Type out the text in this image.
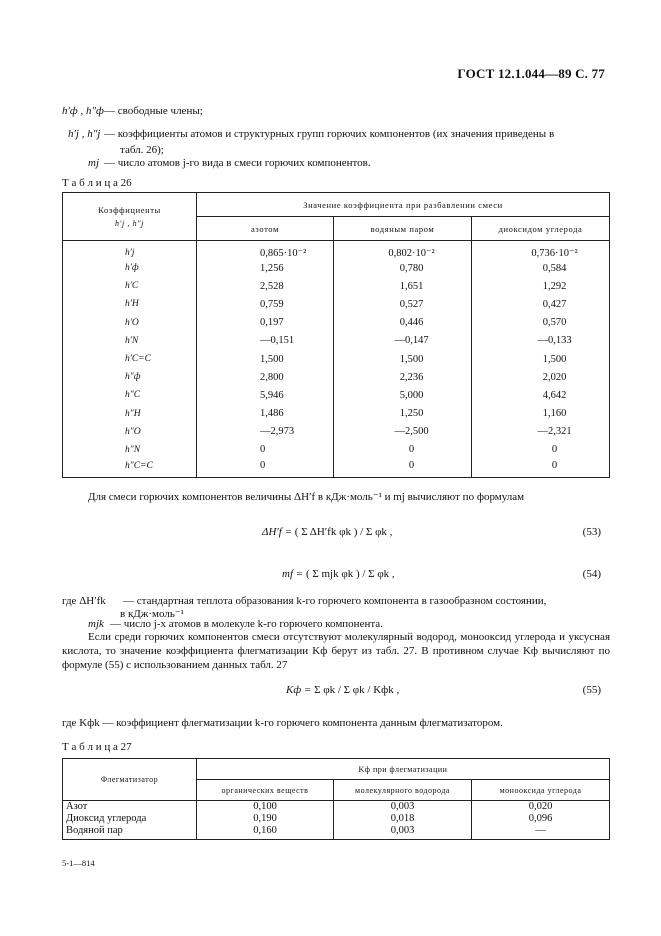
ГОСТ 12.1.044—89 С. 77
h′ф , h″ф — свободные члены;
h′j , h″j — коэффициенты атомов и структурных групп горючих компонентов (их значения приведены в
табл. 26);
mj — число атомов j-го вида в смеси горючих компонентов.
Т а б л и ц а 26
Коэффициенты
h′j , h″j	Значение коэффициента при разбавлении смеси		
	азотом	водяным паром	диоксидом углерода
h′j	0,865·10⁻²	0,802·10⁻²	0,736·10⁻²
h′ф	1,256	0,780	0,584
h′C	2,528	1,651	1,292
h′H	0,759	0,527	0,427
h′O	0,197	0,446	0,570
h′N	—0,151	—0,147	—0,133
h′C=C	1,500	1,500	1,500
h″ф	2,800	2,236	2,020
h″C	5,946	5,000	4,642
h″H	1,486	1,250	1,160
h″O	—2,973	—2,500	—2,321
h″N	0	0	0
h″C=C	0	0	0
Для смеси горючих компонентов величины ΔH′f в кДж·моль⁻¹ и mj вычисляют по формулам
ΔH′f = ( Σ ΔH′fk φk ) / Σ φk ,	(53)
mf = ( Σ mjk φk ) / Σ φk ,	(54)
где ΔH′fk — стандартная теплота образования k-го горючего компонента в газообразном состоянии,
в кДж·моль⁻¹
mjk — число j-х атомов в молекуле k-го горючего компонента.
Если среди горючих компонентов смеси отсутствуют молекулярный водород, монооксид углерода и уксусная кислота, то значение коэффициента флегматизации Kф берут из табл. 27. В противном случае Kф вычисляют по формуле (55) с использованием данных табл. 27
Kф = Σ φk / Σ φk / Kфk ,	(55)
где Kфk — коэффициент флегматизации k-го горючего компонента данным флегматизатором.
Т а б л и ц а 27
Флегматизатор	Kф при флегматизации		
	органических веществ	молекулярного водорода	монооксида углерода
Азот	0,100	0,003	0,020
Диоксид углерода	0,190	0,018	0,096
Водяной пар	0,160	0,003	—
5-1—814
